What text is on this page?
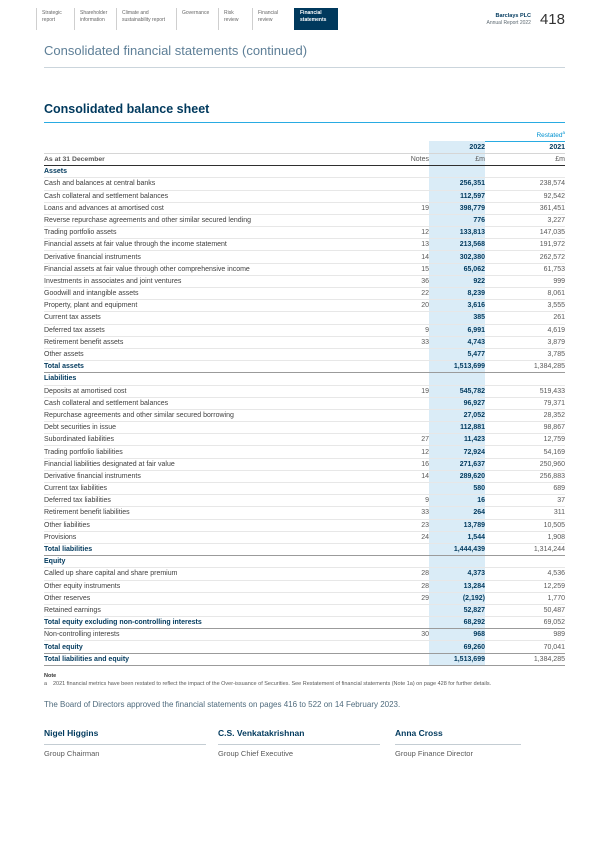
Strategic report
Shareholder information
Climate and sustainability report
Governance	Risk review
Financial review
Financial statements
Barclays PLC
Annual Report 2022 418
Consolidated financial statements (continued)
Consolidated balance sheet
			Restated$^a$
		2022	2021
As at 31 December	Notes	£m	£m
Assets			
Cash and balances at central banks		256,351	238,574
Cash collateral and settlement balances		112,597	92,542
Loans and advances at amortised cost	19	398,779	361,451
Reverse repurchase agreements and other similar secured lending		776	3,227
Trading portfolio assets	12	133,813	147,035
Financial assets at fair value through the income statement	13	213,568	191,972
Derivative financial instruments	14	302,380	262,572
Financial assets at fair value through other comprehensive income	15	65,062	61,753
Investments in associates and joint ventures	36	922	999
Goodwill and intangible assets	22	8,239	8,061
Property, plant and equipment	20	3,616	3,555
Current tax assets		385	261
Deferred tax assets	9	6,991	4,619
Retirement benefit assets	33	4,743	3,879
Other assets		5,477	3,785
Total assets		1,513,699	1,384,285
Liabilities			
Deposits at amortised cost	19	545,782	519,433
Cash collateral and settlement balances		96,927	79,371
Repurchase agreements and other similar secured borrowing		27,052	28,352
Debt securities in issue		112,881	98,867
Subordinated liabilities	27	11,423	12,759
Trading portfolio liabilities	12	72,924	54,169
Financial liabilities designated at fair value	16	271,637	250,960
Derivative financial instruments	14	289,620	256,883
Current tax liabilities		580	689
Deferred tax liabilities	9	16	37
Retirement benefit liabilities	33	264	311
Other liabilities	23	13,789	10,505
Provisions	24	1,544	1,908
Total liabilities		1,444,439	1,314,244
Equity			
Called up share capital and share premium	28	4,373	4,536
Other equity instruments	28	13,284	12,259
Other reserves	29	(2,192)	1,770
Retained earnings		52,827	50,487
Total equity excluding non-controlling interests		68,292	69,052
Non-controlling interests	30	968	989
Total equity		69,260	70,041
Total liabilities and equity		1,513,699	1,384,285
Note
a	2021 financial metrics have been restated to reflect the impact of the Over-issuance of Securities. See Restatement of financial statements (Note 1a) on page 428 for further details.
The Board of Directors approved the financial statements on pages 416 to 522 on 14 February 2023.
Nigel Higgins
Group Chairman
C.S. Venkatakrishnan
Group Chief Executive
Anna Cross
Group Finance Director
